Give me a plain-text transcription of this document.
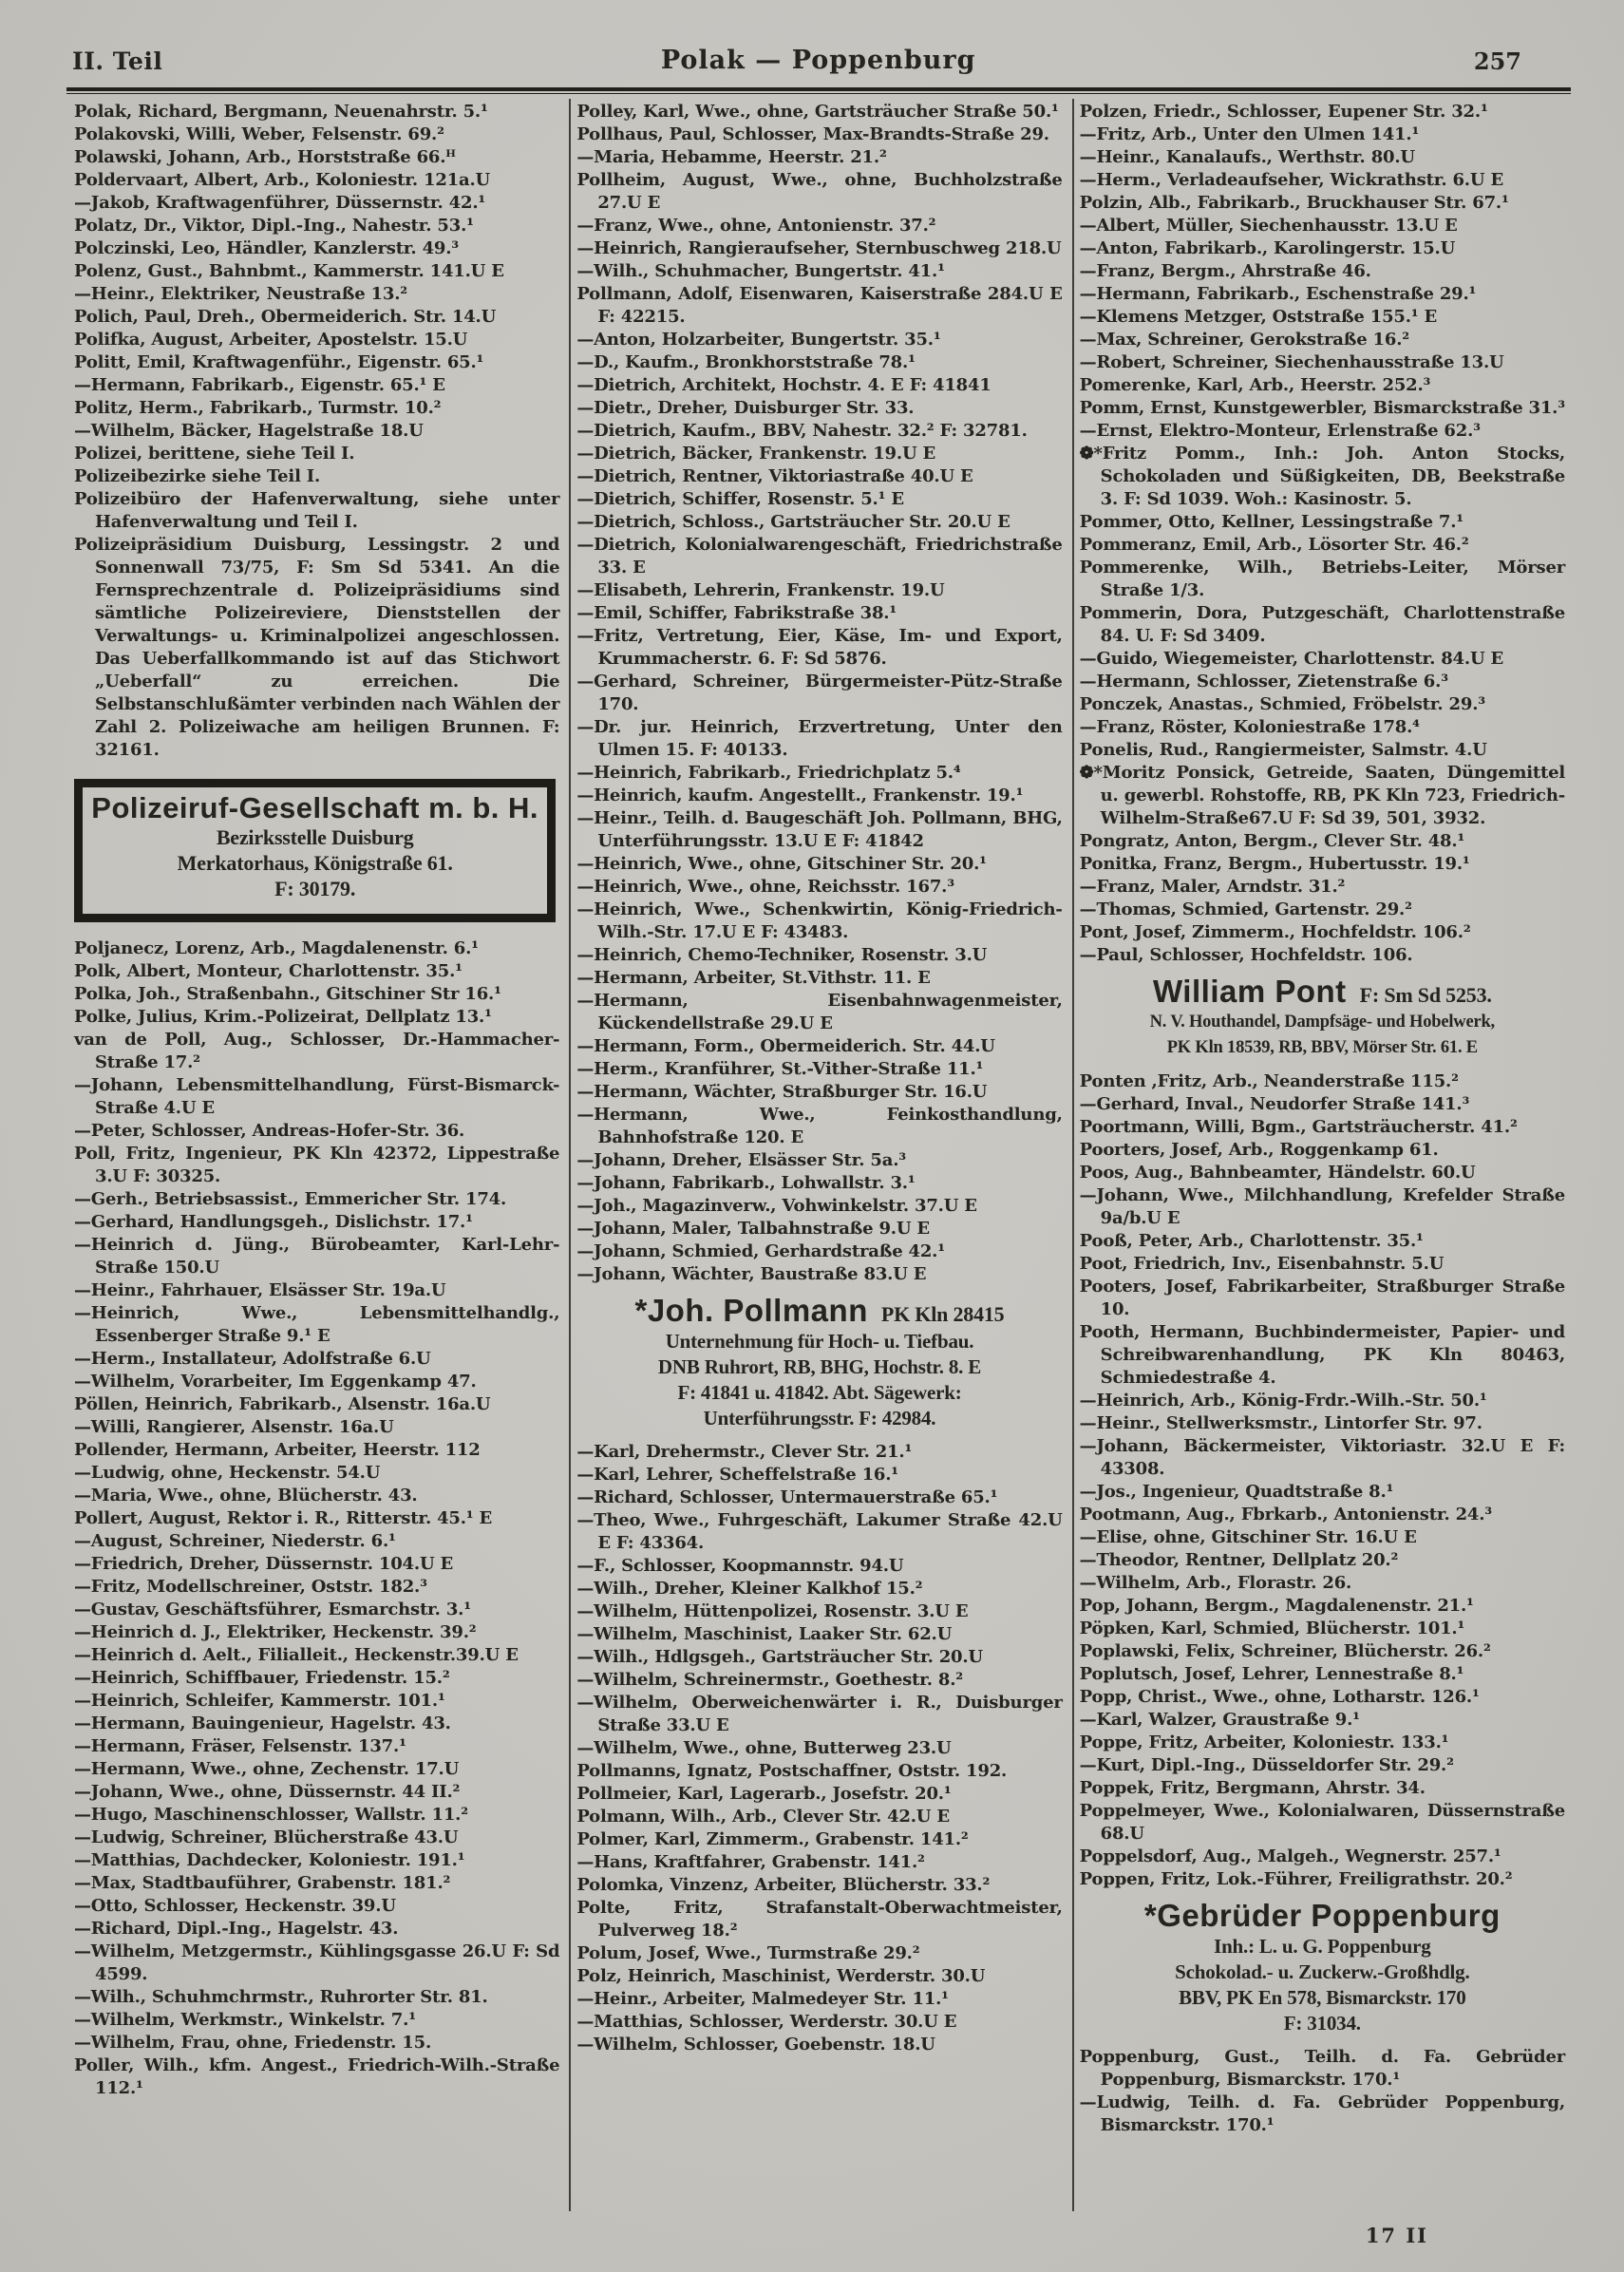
II. Teil	Polak — Poppenburg	257

Polak, Richard, Bergmann, Neuenahrstr. 5.¹

Polakovski, Willi, Weber, Felsenstr. 69.²

Polawski, Johann, Arb., Horststraße 66.ᴴ

Poldervaart, Albert, Arb., Koloniestr. 121a.U

—Jakob, Kraftwagenführer, Düssernstr. 42.¹

Polatz, Dr., Viktor, Dipl.-Ing., Nahestr. 53.¹

Polczinski, Leo, Händler, Kanzlerstr. 49.³

Polenz, Gust., Bahnbmt., Kammerstr. 141.U E

—Heinr., Elektriker, Neustraße 13.²

Polich, Paul, Dreh., Obermeiderich. Str. 14.U

Polifka, August, Arbeiter, Apostelstr. 15.U

Politt, Emil, Kraftwagenführ., Eigenstr. 65.¹

—Hermann, Fabrikarb., Eigenstr. 65.¹ E

Politz, Herm., Fabrikarb., Turmstr. 10.²

—Wilhelm, Bäcker, Hagelstraße 18.U

Polizei, berittene, siehe Teil I.

Polizeibezirke siehe Teil I.

Polizeibüro der Hafenverwaltung, siehe unter Hafenverwaltung und Teil I.

Polizeipräsidium Duisburg, Lessingstr. 2 und Sonnenwall 73/75, F: Sm Sd 5341. An die Fernsprechzentrale d. Polizeipräsidiums sind sämtliche Polizeireviere, Dienststellen der Verwaltungs- u. Kriminalpolizei angeschlossen. Das Ueberfallkommando ist auf das Stichwort „Ueberfall“ zu erreichen. Die Selbstanschlußämter verbinden nach Wählen der Zahl 2. Polizeiwache am heiligen Brunnen. F: 32161.

Polizeiruf-Gesellschaft m. b. H.

Bezirksstelle Duisburg

Merkatorhaus, Königstraße 61.

F: 30179.

Poljanecz, Lorenz, Arb., Magdalenenstr. 6.¹

Polk, Albert, Monteur, Charlottenstr. 35.¹

Polka, Joh., Straßenbahn., Gitschiner Str 16.¹

Polke, Julius, Krim.-Polizeirat, Dellplatz 13.¹

van de Poll, Aug., Schlosser, Dr.-Hammacher-Straße 17.²

—Johann, Lebensmittelhandlung, Fürst-Bismarck-Straße 4.U E

—Peter, Schlosser, Andreas-Hofer-Str. 36.

Poll, Fritz, Ingenieur, PK Kln 42372, Lippestraße 3.U F: 30325.

—Gerh., Betriebsassist., Emmericher Str. 174.

—Gerhard, Handlungsgeh., Dislichstr. 17.¹

—Heinrich d. Jüng., Bürobeamter, Karl-Lehr-Straße 150.U

—Heinr., Fahrhauer, Elsässer Str. 19a.U

—Heinrich, Wwe., Lebensmittelhandlg., Essenberger Straße 9.¹ E

—Herm., Installateur, Adolfstraße 6.U

—Wilhelm, Vorarbeiter, Im Eggenkamp 47.

Pöllen, Heinrich, Fabrikarb., Alsenstr. 16a.U

—Willi, Rangierer, Alsenstr. 16a.U

Pollender, Hermann, Arbeiter, Heerstr. 112

—Ludwig, ohne, Heckenstr. 54.U

—Maria, Wwe., ohne, Blücherstr. 43.

Pollert, August, Rektor i. R., Ritterstr. 45.¹ E

—August, Schreiner, Niederstr. 6.¹

—Friedrich, Dreher, Düssernstr. 104.U E

—Fritz, Modellschreiner, Oststr. 182.³

—Gustav, Geschäftsführer, Esmarchstr. 3.¹

—Heinrich d. J., Elektriker, Heckenstr. 39.²

—Heinrich d. Aelt., Filialleit., Heckenstr.39.U E

—Heinrich, Schiffbauer, Friedenstr. 15.²

—Heinrich, Schleifer, Kammerstr. 101.¹

—Hermann, Bauingenieur, Hagelstr. 43.

—Hermann, Fräser, Felsenstr. 137.¹

—Hermann, Wwe., ohne, Zechenstr. 17.U

—Johann, Wwe., ohne, Düssernstr. 44 II.²

—Hugo, Maschinenschlosser, Wallstr. 11.²

—Ludwig, Schreiner, Blücherstraße 43.U

—Matthias, Dachdecker, Koloniestr. 191.¹

—Max, Stadtbauführer, Grabenstr. 181.²

—Otto, Schlosser, Heckenstr. 39.U

—Richard, Dipl.-Ing., Hagelstr. 43.

—Wilhelm, Metzgermstr., Kühlingsgasse 26.U F: Sd 4599.

—Wilh., Schuhmchrmstr., Ruhrorter Str. 81.

—Wilhelm, Werkmstr., Winkelstr. 7.¹

—Wilhelm, Frau, ohne, Friedenstr. 15.

Poller, Wilh., kfm. Angest., Friedrich-Wilh.-Straße 112.¹

Polley, Karl, Wwe., ohne, Gartsträucher Straße 50.¹

Pollhaus, Paul, Schlosser, Max-Brandts-Straße 29.

—Maria, Hebamme, Heerstr. 21.²

Pollheim, August, Wwe., ohne, Buchholzstraße 27.U E

—Franz, Wwe., ohne, Antonienstr. 37.²

—Heinrich, Rangieraufseher, Sternbuschweg 218.U

—Wilh., Schuhmacher, Bungertstr. 41.¹

Pollmann, Adolf, Eisenwaren, Kaiserstraße 284.U E F: 42215.

—Anton, Holzarbeiter, Bungertstr. 35.¹

—D., Kaufm., Bronkhorststraße 78.¹

—Dietrich, Architekt, Hochstr. 4. E F: 41841

—Dietr., Dreher, Duisburger Str. 33.

—Dietrich, Kaufm., BBV, Nahestr. 32.² F: 32781.

—Dietrich, Bäcker, Frankenstr. 19.U E

—Dietrich, Rentner, Viktoriastraße 40.U E

—Dietrich, Schiffer, Rosenstr. 5.¹ E

—Dietrich, Schloss., Gartsträucher Str. 20.U E

—Dietrich, Kolonialwarengeschäft, Friedrichstraße 33. E

—Elisabeth, Lehrerin, Frankenstr. 19.U

—Emil, Schiffer, Fabrikstraße 38.¹

—Fritz, Vertretung, Eier, Käse, Im- und Export, Krummacherstr. 6. F: Sd 5876.

—Gerhard, Schreiner, Bürgermeister-Pütz-Straße 170.

—Dr. jur. Heinrich, Erzvertretung, Unter den Ulmen 15. F: 40133.

—Heinrich, Fabrikarb., Friedrichplatz 5.⁴

—Heinrich, kaufm. Angestellt., Frankenstr. 19.¹

—Heinr., Teilh. d. Baugeschäft Joh. Pollmann, BHG, Unterführungsstr. 13.U E F: 41842

—Heinrich, Wwe., ohne, Gitschiner Str. 20.¹

—Heinrich, Wwe., ohne, Reichsstr. 167.³

—Heinrich, Wwe., Schenkwirtin, König-Friedrich-Wilh.-Str. 17.U E F: 43483.

—Heinrich, Chemo-Techniker, Rosenstr. 3.U

—Hermann, Arbeiter, St.Vithstr. 11. E

—Hermann, Eisenbahnwagenmeister, Kückendellstraße 29.U E

—Hermann, Form., Obermeiderich. Str. 44.U

—Herm., Kranführer, St.-Vither-Straße 11.¹

—Hermann, Wächter, Straßburger Str. 16.U

—Hermann, Wwe., Feinkosthandlung, Bahnhofstraße 120. E

—Johann, Dreher, Elsässer Str. 5a.³

—Johann, Fabrikarb., Lohwallstr. 3.¹

—Joh., Magazinverw., Vohwinkelstr. 37.U E

—Johann, Maler, Talbahnstraße 9.U E

—Johann, Schmied, Gerhardstraße 42.¹

—Johann, Wächter, Baustraße 83.U E

*Joh. Pollmann PK Kln 28415

Unternehmung für Hoch- u. Tiefbau.

DNB Ruhrort, RB, BHG, Hochstr. 8. E

F: 41841 u. 41842. Abt. Sägewerk:

Unterführungsstr. F: 42984.

—Karl, Drehermstr., Clever Str. 21.¹

—Karl, Lehrer, Scheffelstraße 16.¹

—Richard, Schlosser, Untermauerstraße 65.¹

—Theo, Wwe., Fuhrgeschäft, Lakumer Straße 42.U E F: 43364.

—F., Schlosser, Koopmannstr. 94.U

—Wilh., Dreher, Kleiner Kalkhof 15.²

—Wilhelm, Hüttenpolizei, Rosenstr. 3.U E

—Wilhelm, Maschinist, Laaker Str. 62.U

—Wilh., Hdlgsgeh., Gartsträucher Str. 20.U

—Wilhelm, Schreinermstr., Goethestr. 8.²

—Wilhelm, Oberweichenwärter i. R., Duisburger Straße 33.U E

—Wilhelm, Wwe., ohne, Butterweg 23.U

Pollmanns, Ignatz, Postschaffner, Oststr. 192.

Pollmeier, Karl, Lagerarb., Josefstr. 20.¹

Polmann, Wilh., Arb., Clever Str. 42.U E

Polmer, Karl, Zimmerm., Grabenstr. 141.²

—Hans, Kraftfahrer, Grabenstr. 141.²

Polomka, Vinzenz, Arbeiter, Blücherstr. 33.²

Polte, Fritz, Strafanstalt-Oberwachtmeister, Pulverweg 18.²

Polum, Josef, Wwe., Turmstraße 29.²

Polz, Heinrich, Maschinist, Werderstr. 30.U

—Heinr., Arbeiter, Malmedeyer Str. 11.¹

—Matthias, Schlosser, Werderstr. 30.U E

—Wilhelm, Schlosser, Goebenstr. 18.U

Polzen, Friedr., Schlosser, Eupener Str. 32.¹

—Fritz, Arb., Unter den Ulmen 141.¹

—Heinr., Kanalaufs., Werthstr. 80.U

—Herm., Verladeaufseher, Wickrathstr. 6.U E

Polzin, Alb., Fabrikarb., Bruckhauser Str. 67.¹

—Albert, Müller, Siechenhausstr. 13.U E

—Anton, Fabrikarb., Karolingerstr. 15.U

—Franz, Bergm., Ahrstraße 46.

—Hermann, Fabrikarb., Eschenstraße 29.¹

—Klemens Metzger, Oststraße 155.¹ E

—Max, Schreiner, Gerokstraße 16.²

—Robert, Schreiner, Siechenhausstraße 13.U

Pomerenke, Karl, Arb., Heerstr. 252.³

Pomm, Ernst, Kunstgewerbler, Bismarckstraße 31.³

—Ernst, Elektro-Monteur, Erlenstraße 62.³

❁*Fritz Pomm., Inh.: Joh. Anton Stocks, Schokoladen und Süßigkeiten, DB, Beekstraße 3. F: Sd 1039. Woh.: Kasinostr. 5.

Pommer, Otto, Kellner, Lessingstraße 7.¹

Pommeranz, Emil, Arb., Lösorter Str. 46.²

Pommerenke, Wilh., Betriebs-Leiter, Mörser Straße 1/3.

Pommerin, Dora, Putzgeschäft, Charlottenstraße 84. U. F: Sd 3409.

—Guido, Wiegemeister, Charlottenstr. 84.U E

—Hermann, Schlosser, Zietenstraße 6.³

Ponczek, Anastas., Schmied, Fröbelstr. 29.³

—Franz, Röster, Koloniestraße 178.⁴

Ponelis, Rud., Rangiermeister, Salmstr. 4.U

❁*Moritz Ponsick, Getreide, Saaten, Düngemittel u. gewerbl. Rohstoffe, RB, PK Kln 723, Friedrich-Wilhelm-Straße67.U F: Sd 39, 501, 3932.

Pongratz, Anton, Bergm., Clever Str. 48.¹

Ponitka, Franz, Bergm., Hubertusstr. 19.¹

—Franz, Maler, Arndstr. 31.²

—Thomas, Schmied, Gartenstr. 29.²

Pont, Josef, Zimmerm., Hochfeldstr. 106.²

—Paul, Schlosser, Hochfeldstr. 106.

William Pont F: Sm Sd 5253.

N. V. Houthandel, Dampfsäge- und Hobelwerk,

PK Kln 18539, RB, BBV, Mörser Str. 61. E

Ponten ,Fritz, Arb., Neanderstraße 115.²

—Gerhard, Inval., Neudorfer Straße 141.³

Poortmann, Willi, Bgm., Gartsträucherstr. 41.²

Poorters, Josef, Arb., Roggenkamp 61.

Poos, Aug., Bahnbeamter, Händelstr. 60.U

—Johann, Wwe., Milchhandlung, Krefelder Straße 9a/b.U E

Pooß, Peter, Arb., Charlottenstr. 35.¹

Poot, Friedrich, Inv., Eisenbahnstr. 5.U

Pooters, Josef, Fabrikarbeiter, Straßburger Straße 10.

Pooth, Hermann, Buchbindermeister, Papier- und Schreibwarenhandlung, PK Kln 80463, Schmiedestraße 4.

—Heinrich, Arb., König-Frdr.-Wilh.-Str. 50.¹

—Heinr., Stellwerksmstr., Lintorfer Str. 97.

—Johann, Bäckermeister, Viktoriastr. 32.U E F: 43308.

—Jos., Ingenieur, Quadtstraße 8.¹

Pootmann, Aug., Fbrkarb., Antonienstr. 24.³

—Elise, ohne, Gitschiner Str. 16.U E

—Theodor, Rentner, Dellplatz 20.²

—Wilhelm, Arb., Florastr. 26.

Pop, Johann, Bergm., Magdalenenstr. 21.¹

Pöpken, Karl, Schmied, Blücherstr. 101.¹

Poplawski, Felix, Schreiner, Blücherstr. 26.²

Poplutsch, Josef, Lehrer, Lennestraße 8.¹

Popp, Christ., Wwe., ohne, Lotharstr. 126.¹

—Karl, Walzer, Graustraße 9.¹

Poppe, Fritz, Arbeiter, Koloniestr. 133.¹

—Kurt, Dipl.-Ing., Düsseldorfer Str. 29.²

Poppek, Fritz, Bergmann, Ahrstr. 34.

Poppelmeyer, Wwe., Kolonialwaren, Düssernstraße 68.U

Poppelsdorf, Aug., Malgeh., Wegnerstr. 257.¹

Poppen, Fritz, Lok.-Führer, Freiligrathstr. 20.²

*Gebrüder Poppenburg

Inh.: L. u. G. Poppenburg

Schokolad.- u. Zuckerw.-Großhdlg.

BBV, PK En 578, Bismarckstr. 170

F: 31034.

Poppenburg, Gust., Teilh. d. Fa. Gebrüder Poppenburg, Bismarckstr. 170.¹

—Ludwig, Teilh. d. Fa. Gebrüder Poppenburg, Bismarckstr. 170.¹

17 II
